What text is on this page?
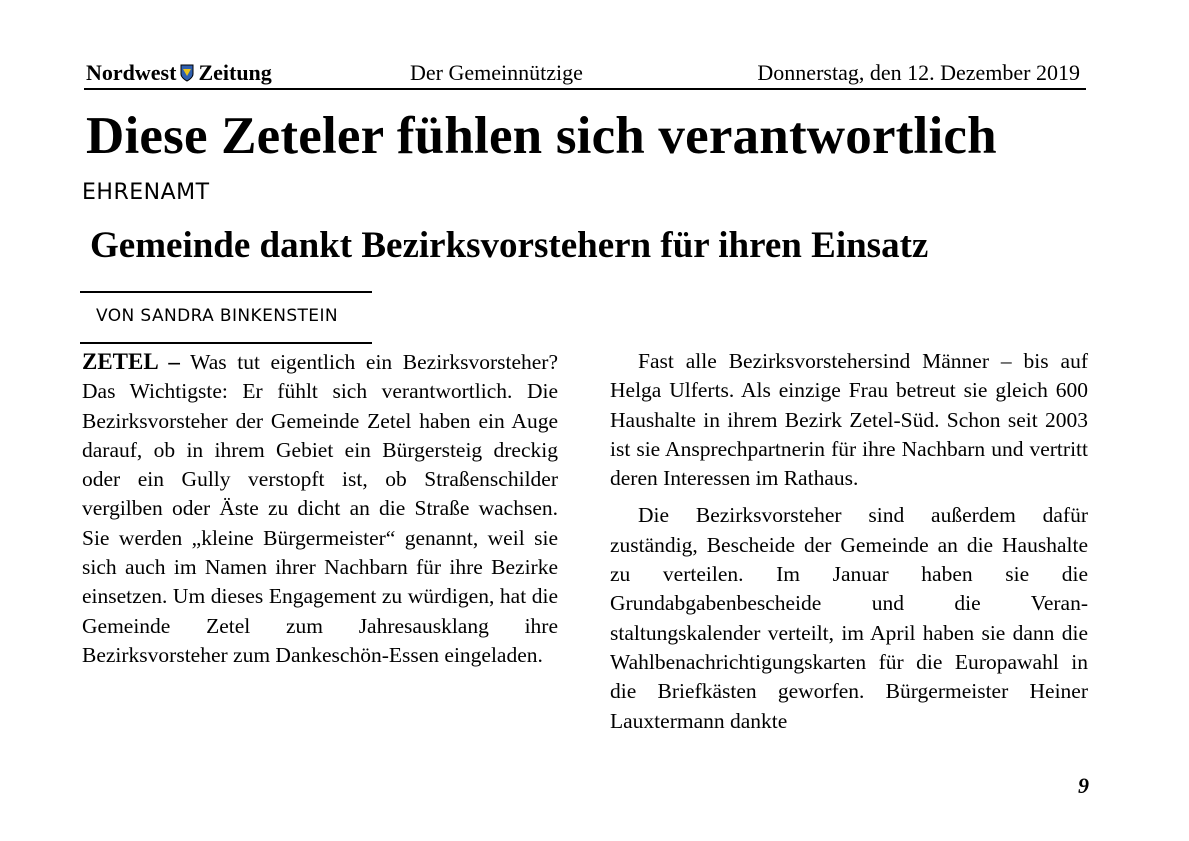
Nordwest Zeitung	Der Gemeinnützige	Donnerstag, den 12. Dezember 2019
Diese Zeteler fühlen sich verantwortlich
EHRENAMT
Gemeinde dankt Bezirksvorstehern für ihren Einsatz
VON SANDRA BINKENSTEIN

ZETEL – Was tut eigentlich ein Bezirksvorsteher? Das Wichtigste: Er fühlt sich verantwortlich. Die Bezirksvorsteher der Gemeinde Zetel haben ein Auge darauf, ob in ihrem Gebiet ein Bürgersteig dreckig oder ein Gully verstopft ist, ob Straßenschilder vergilben oder Äste zu dicht an die Straße wachsen. Sie werden „kleine Bürgermeister“ genannt, weil sie sich auch im Namen ihrer Nachbarn für ihre Bezirke einsetzen. Um dieses Engagement zu würdigen, hat die Gemeinde Zetel zum Jahresausklang ihre Bezirksvorsteher zum Dankeschön-Essen eingeladen.

Fast alle Bezirksvorstehersind Männer – bis auf Helga Ulferts. Als einzige Frau betreut sie gleich 600 Haushalte in ihrem Bezirk Zetel-Süd. Schon seit 2003 ist sie Ansprechpartnerin für ihre Nachbarn und vertritt deren Interessen im Rathaus.

Die Bezirksvorsteher sind außerdem dafür zuständig, Bescheide der Gemeinde an die Haushalte zu verteilen. Im Januar haben sie die Grundabgabenbescheide und die Veranstaltungskalender verteilt, im April haben sie dann die Wahlbenachrichtigungskarten für die Europawahl in die Briefkästen geworfen. Bürgermeister Heiner Lauxtermann dankte

9
